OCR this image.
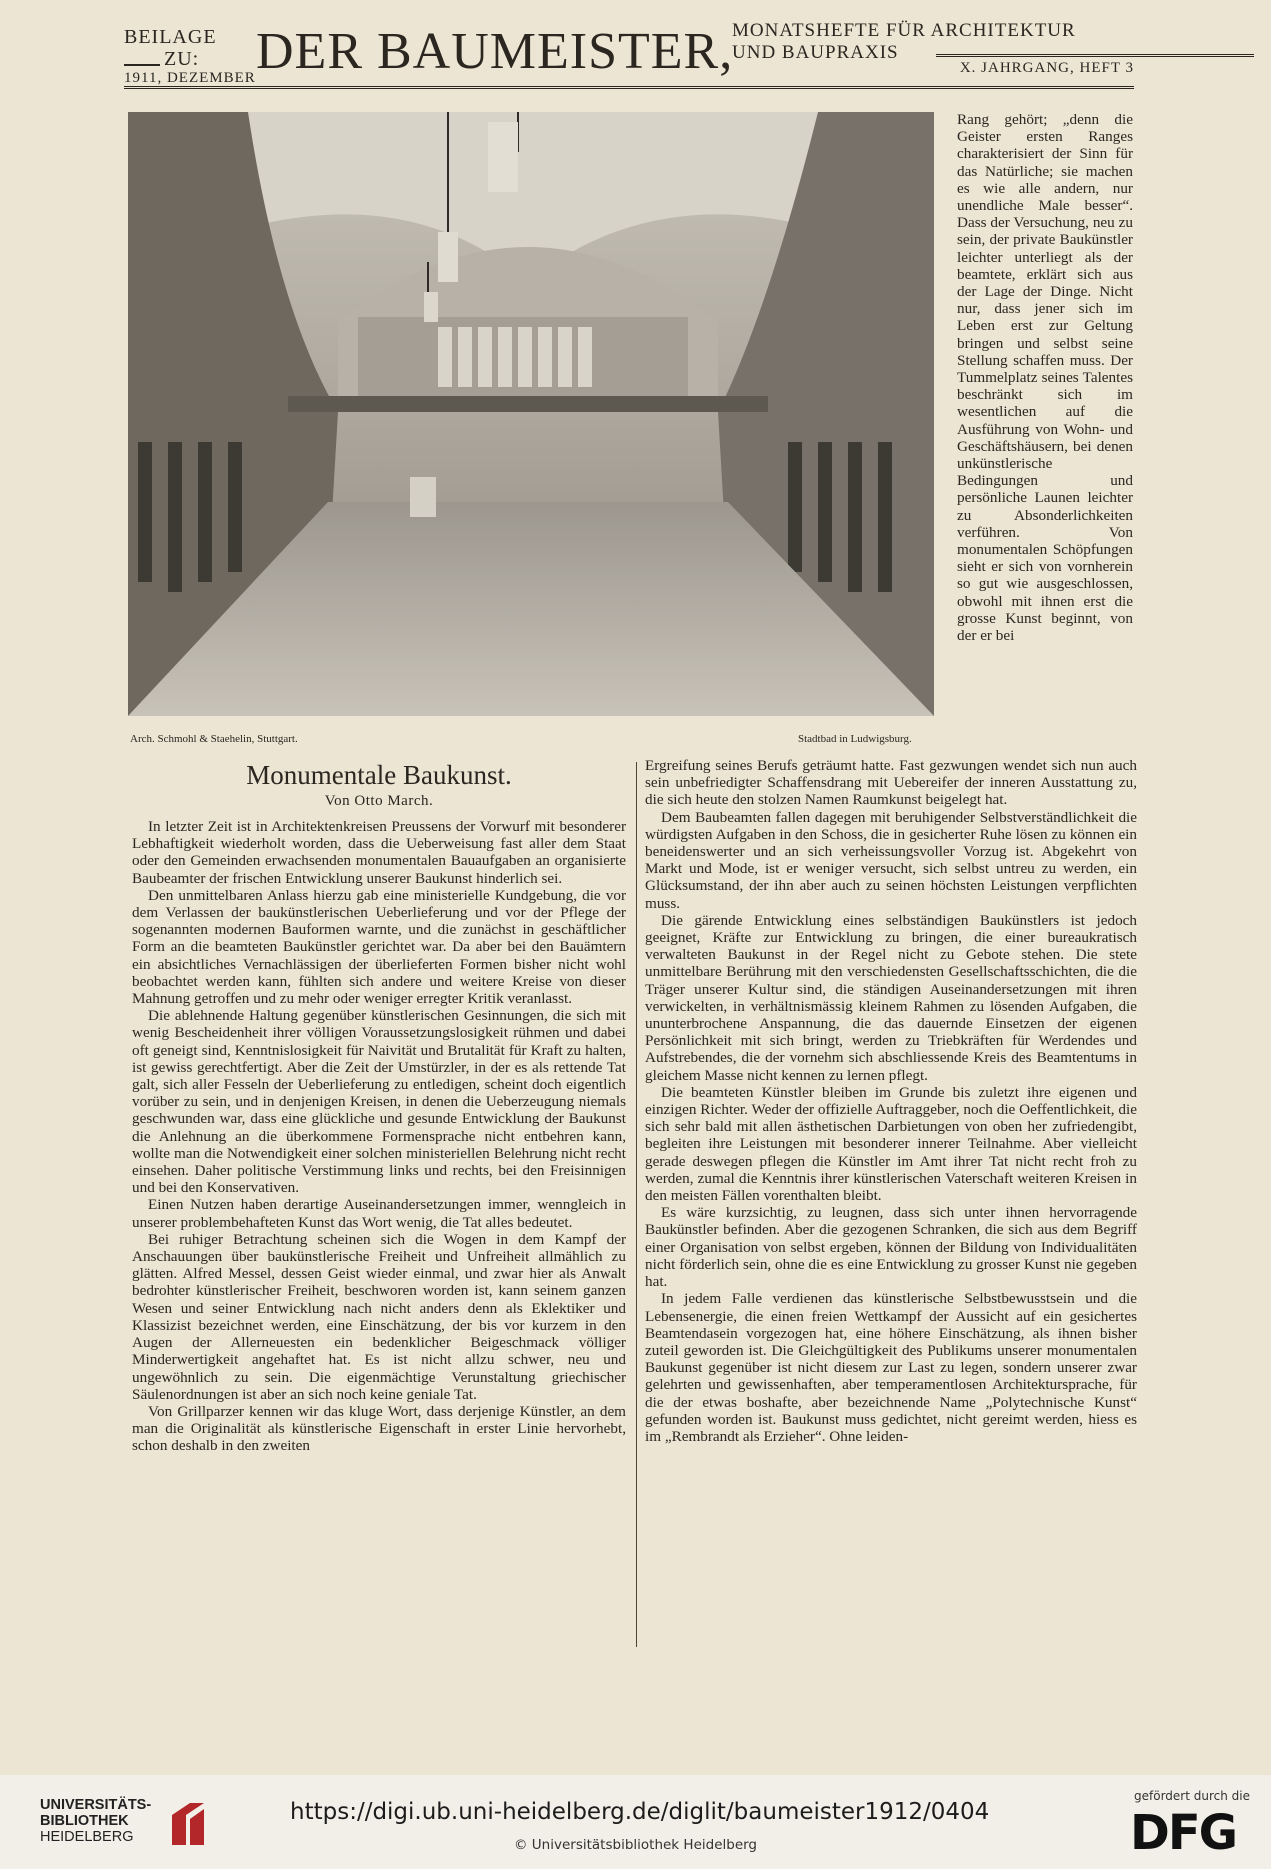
BEILAGE
ZU:
1911, DEZEMBER DER BAUMEISTER,
MONATSHEFTE FÜR ARCHITEKTUR
UND BAUPRAXIS
X. JAHRGANG, HEFT 3
Arch. Schmohl & Staehelin, Stuttgart.	Stadtbad in Ludwigsburg.

Rang gehört; „denn die Geister ersten Ranges charakterisiert der Sinn für das Natürliche; sie machen es wie alle andern, nur unendliche Male besser“. Dass der Versuchung, neu zu sein, der private Baukünstler leichter unterliegt als der beamtete, erklärt sich aus der Lage der Dinge. Nicht nur, dass jener sich im Leben erst zur Geltung bringen und selbst seine Stellung schaffen muss. Der Tummelplatz seines Talentes beschränkt sich im wesentlichen auf die Ausführung von Wohn- und Geschäftshäusern, bei denen unkünstlerische Bedingungen und persönliche Launen leichter zu Absonderlichkeiten verführen. Von monumentalen Schöpfungen sieht er sich von vornherein so gut wie ausgeschlossen, obwohl mit ihnen erst die grosse Kunst beginnt, von der er bei

Monumentale Baukunst.
Von Otto March.

In letzter Zeit ist in Architektenkreisen Preussens der Vorwurf mit besonderer Lebhaftigkeit wiederholt worden, dass die Ueberweisung fast aller dem Staat oder den Gemeinden erwachsenden monumentalen Bauaufgaben an organisierte Baubeamter der frischen Entwicklung unserer Baukunst hinderlich sei.

Den unmittelbaren Anlass hierzu gab eine ministerielle Kundgebung, die vor dem Verlassen der baukünstlerischen Ueberlieferung und vor der Pflege der sogenannten modernen Bauformen warnte, und die zunächst in geschäftlicher Form an die beamteten Baukünstler gerichtet war. Da aber bei den Bauämtern ein absichtliches Vernachlässigen der überlieferten Formen bisher nicht wohl beobachtet werden kann, fühlten sich andere und weitere Kreise von dieser Mahnung getroffen und zu mehr oder weniger erregter Kritik veranlasst.

Die ablehnende Haltung gegenüber künstlerischen Gesinnungen, die sich mit wenig Bescheidenheit ihrer völligen Voraussetzungslosigkeit rühmen und dabei oft geneigt sind, Kenntnislosigkeit für Naivität und Brutalität für Kraft zu halten, ist gewiss gerechtfertigt. Aber die Zeit der Umstürzler, in der es als rettende Tat galt, sich aller Fesseln der Ueberlieferung zu entledigen, scheint doch eigentlich vorüber zu sein, und in denjenigen Kreisen, in denen die Ueberzeugung niemals geschwunden war, dass eine glückliche und gesunde Entwicklung der Baukunst die Anlehnung an die überkommene Formensprache nicht entbehren kann, wollte man die Notwendigkeit einer solchen ministeriellen Belehrung nicht recht einsehen. Daher politische Verstimmung links und rechts, bei den Freisinnigen und bei den Konservativen.

Einen Nutzen haben derartige Auseinandersetzungen immer, wenngleich in unserer problembehafteten Kunst das Wort wenig, die Tat alles bedeutet.

Bei ruhiger Betrachtung scheinen sich die Wogen in dem Kampf der Anschauungen über baukünstlerische Freiheit und Unfreiheit allmählich zu glätten. Alfred Messel, dessen Geist wieder einmal, und zwar hier als Anwalt bedrohter künstlerischer Freiheit, beschworen worden ist, kann seinem ganzen Wesen und seiner Entwicklung nach nicht anders denn als Eklektiker und Klassizist bezeichnet werden, eine Einschätzung, der bis vor kurzem in den Augen der Allerneuesten ein bedenklicher Beigeschmack völliger Minderwertigkeit angehaftet hat. Es ist nicht allzu schwer, neu und ungewöhnlich zu sein. Die eigenmächtige Verunstaltung griechischer Säulenordnungen ist aber an sich noch keine geniale Tat.

Von Grillparzer kennen wir das kluge Wort, dass derjenige Künstler, an dem man die Originalität als künstlerische Eigenschaft in erster Linie hervorhebt, schon deshalb in den zweiten

Ergreifung seines Berufs geträumt hatte. Fast gezwungen wendet sich nun auch sein unbefriedigter Schaffensdrang mit Uebereifer der inneren Ausstattung zu, die sich heute den stolzen Namen Raumkunst beigelegt hat.

Dem Baubeamten fallen dagegen mit beruhigender Selbstverständlichkeit die würdigsten Aufgaben in den Schoss, die in gesicherter Ruhe lösen zu können ein beneidenswerter und an sich verheissungsvoller Vorzug ist. Abgekehrt von Markt und Mode, ist er weniger versucht, sich selbst untreu zu werden, ein Glücksumstand, der ihn aber auch zu seinen höchsten Leistungen verpflichten muss.

Die gärende Entwicklung eines selbständigen Baukünstlers ist jedoch geeignet, Kräfte zur Entwicklung zu bringen, die einer bureaukratisch verwalteten Baukunst in der Regel nicht zu Gebote stehen. Die stete unmittelbare Berührung mit den verschiedensten Gesellschaftsschichten, die die Träger unserer Kultur sind, die ständigen Auseinandersetzungen mit ihren verwickelten, in verhältnismässig kleinem Rahmen zu lösenden Aufgaben, die ununterbrochene Anspannung, die das dauernde Einsetzen der eigenen Persönlichkeit mit sich bringt, werden zu Triebkräften für Werdendes und Aufstrebendes, die der vornehm sich abschliessende Kreis des Beamtentums in gleichem Masse nicht kennen zu lernen pflegt.

Die beamteten Künstler bleiben im Grunde bis zuletzt ihre eigenen und einzigen Richter. Weder der offizielle Auftraggeber, noch die Oeffentlichkeit, die sich sehr bald mit allen ästhetischen Darbietungen von oben her zufriedengibt, begleiten ihre Leistungen mit besonderer innerer Teilnahme. Aber vielleicht gerade deswegen pflegen die Künstler im Amt ihrer Tat nicht recht froh zu werden, zumal die Kenntnis ihrer künstlerischen Vaterschaft weiteren Kreisen in den meisten Fällen vorenthalten bleibt.

Es wäre kurzsichtig, zu leugnen, dass sich unter ihnen hervorragende Baukünstler befinden. Aber die gezogenen Schranken, die sich aus dem Begriff einer Organisation von selbst ergeben, können der Bildung von Individualitäten nicht förderlich sein, ohne die es eine Entwicklung zu grosser Kunst nie gegeben hat.

In jedem Falle verdienen das künstlerische Selbstbewusstsein und die Lebensenergie, die einen freien Wettkampf der Aussicht auf ein gesichertes Beamtendasein vorgezogen hat, eine höhere Einschätzung, als ihnen bisher zuteil geworden ist. Die Gleichgültigkeit des Publikums unserer monumentalen Baukunst gegenüber ist nicht diesem zur Last zu legen, sondern unserer zwar gelehrten und gewissenhaften, aber temperamentlosen Architektursprache, für die der etwas boshafte, aber bezeichnende Name „Polytechnische Kunst“ gefunden worden ist. Baukunst muss gedichtet, nicht gereimt werden, hiess es im „Rembrandt als Erzieher“. Ohne leiden-

UNIVERSITÄTS-
BIBLIOTHEK
HEIDELBERG
https://digi.ub.uni-heidelberg.de/diglit/baumeister1912/0404
© Universitätsbibliothek Heidelberg
gefördert durch die
DFG
